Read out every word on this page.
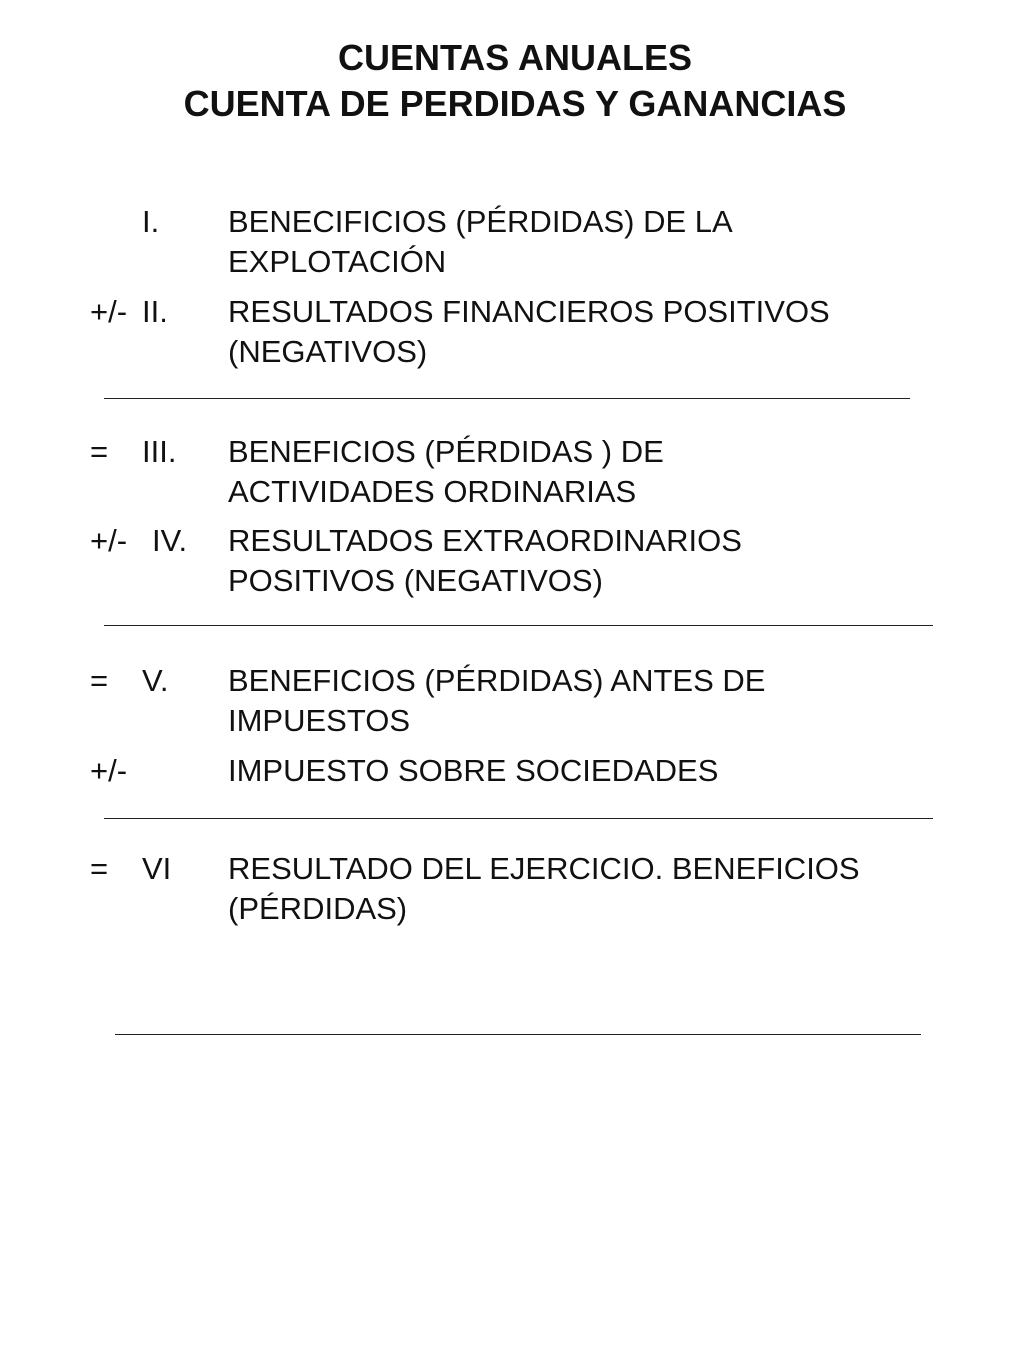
CUENTAS ANUALES
CUENTA DE PERDIDAS Y GANANCIAS
I. BENECIFICIOS (PÉRDIDAS) DE LA
EXPLOTACIÓN
+/- II. RESULTADOS FINANCIEROS POSITIVOS
(NEGATIVOS)
= III. BENEFICIOS (PÉRDIDAS ) DE
ACTIVIDADES ORDINARIAS
+/- IV. RESULTADOS EXTRAORDINARIOS
POSITIVOS (NEGATIVOS)
= V. BENEFICIOS (PÉRDIDAS) ANTES DE
IMPUESTOS
+/-	IMPUESTO SOBRE SOCIEDADES
= VI RESULTADO DEL EJERCICIO. BENEFICIOS
(PÉRDIDAS)
